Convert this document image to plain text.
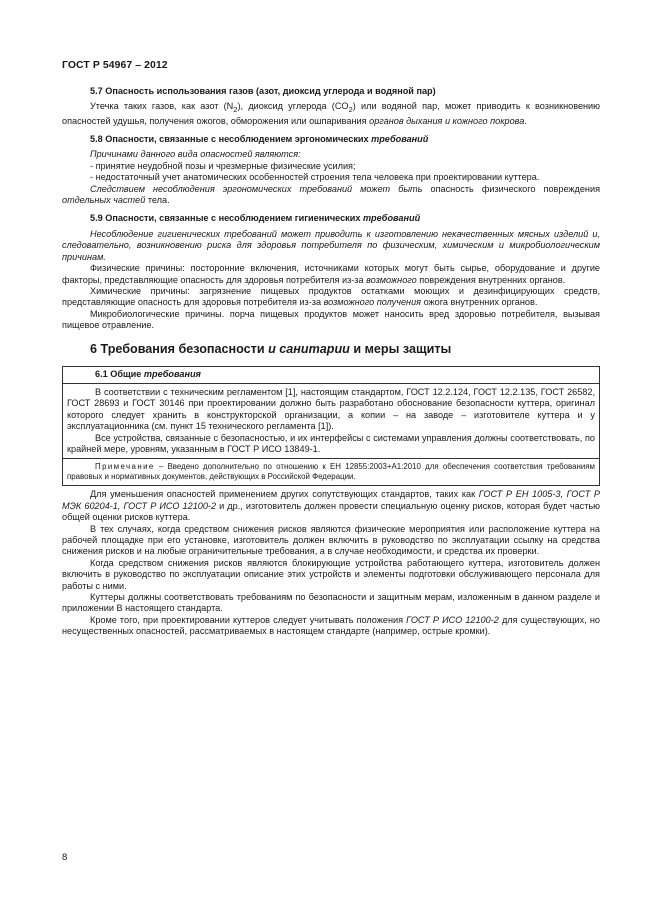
ГОСТ Р 54967 – 2012
5.7 Опасность использования газов (азот, диоксид углерода и водяной пар)

Утечка таких газов, как азот $(N_2)$, диоксид углерода $(CO_2)$ или водяной пар, может приводить к возникновению опасностей удушья, получения ожогов, обморожения или ошпаривания органов дыхания и кожного покрова.

5.8 Опасности, связанные с несоблюдением эргономических требований

Причинами данного вида опасностей являются:

- принятие неудобной позы и чрезмерные физические усилия;

- недостаточный учет анатомических особенностей строения тела человека при проектировании куттера.

Следствием несоблюдения эргономических требований может быть опасность физического повреждения отдельных частей тела.

5.9 Опасности, связанные с несоблюдением гигиенических требований

Несоблюдение гигиенических требований может приводить к изготовлению некачественных мясных изделий и, следовательно, возникновению риска для здоровья потребителя по физическим, химическим и микробиологическим причинам.

Физические причины: посторонние включения, источниками которых могут быть сырье, оборудование и другие факторы, представляющие опасность для здоровья потребителя из-за возможного повреждения внутренних органов.

Химические причины: загрязнение пищевых продуктов остатками моющих и дезинфицирующих средств, представляющие опасность для здоровья потребителя из-за возможного получения ожога внутренних органов.

Микробиологические причины. порча пищевых продуктов может наносить вред здоровью потребителя, вызывая пищевое отравление.

6 Требования безопасности и санитарии и меры защиты
6.1 Общие требования

В соответствии с техническим регламентом [1], настоящим стандартом, ГОСТ 12.2.124, ГОСТ 12.2.135, ГОСТ 26582, ГОСТ 28693 и ГОСТ 30146 при проектировании должно быть разработано обоснование безопасности куттера, оригинал которого следует хранить в конструкторской организации, а копии – на заводе – изготовителе куттера и у эксплуатационника (см. пункт 15 технического регламента [1]).

Все устройства, связанные с безопасностью, и их интерфейсы с системами управления должны соответствовать, по крайней мере, уровням, указанным в ГОСТ Р ИСО 13849-1.

Примечание – Введено дополнительно по отношению к ЕН 12855:2003+А1:2010 для обеспечения соответствия требованиям правовых и нормативных документов, действующих в Российской Федерации.

Для уменьшения опасностей применением других сопутствующих стандартов, таких как ГОСТ Р ЕН 1005-3, ГОСТ Р МЭК 60204-1, ГОСТ Р ИСО 12100-2 и др., изготовитель должен провести специальную оценку рисков, которая будет частью общей оценки рисков куттера.

В тех случаях, когда средством снижения рисков являются физические мероприятия или расположение куттера на рабочей площадке при его установке, изготовитель должен включить в руководство по эксплуатации ссылку на средства снижения рисков и на любые ограничительные требования, а в случае необходимости, и средства их проверки.

Когда средством снижения рисков являются блокирующие устройства работающего куттера, изготовитель должен включить в руководство по эксплуатации описание этих устройств и элементы подготовки обслуживающего персонала для работы с ними.

Куттеры должны соответствовать требованиям по безопасности и защитным мерам, изложенным в данном разделе и приложении В настоящего стандарта.

Кроме того, при проектировании куттеров следует учитывать положения ГОСТ Р ИСО 12100-2 для существующих, но несущественных опасностей, рассматриваемых в настоящем стандарте (например, острые кромки).

8
